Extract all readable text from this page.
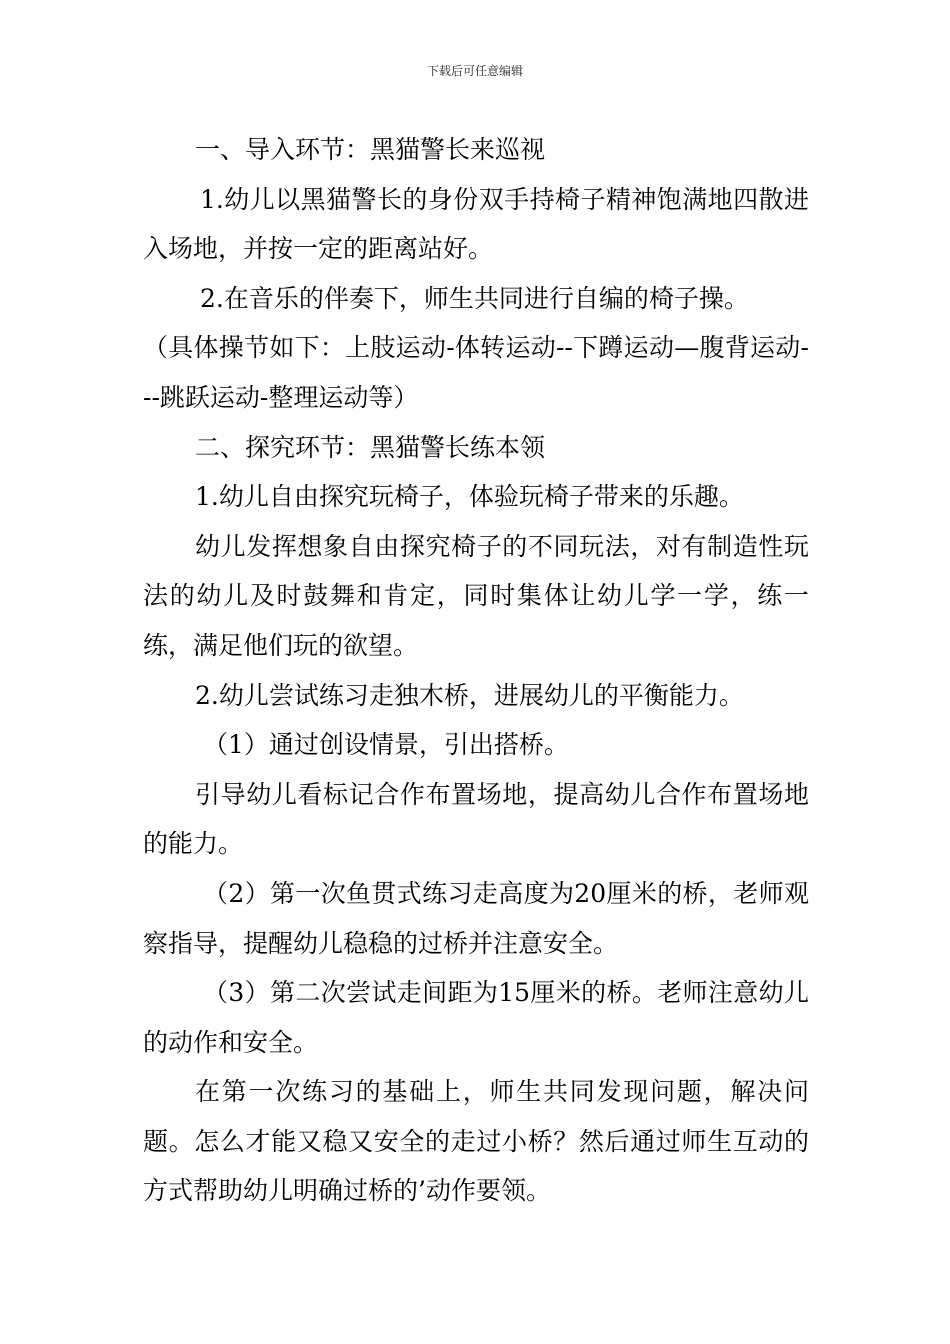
下载后可任意编辑

一、导入环节：黑猫警长来巡视

1.幼儿以黑猫警长的身份双手持椅子精神饱满地四散进入场地，并按一定的距离站好。

2.在音乐的伴奏下，师生共同进行自编的椅子操。

（具体操节如下：上肢运动-体转运动--下蹲运动—腹背运动---跳跃运动-整理运动等）

二、探究环节：黑猫警长练本领

1.幼儿自由探究玩椅子，体验玩椅子带来的乐趣。

幼儿发挥想象自由探究椅子的不同玩法，对有制造性玩法的幼儿及时鼓舞和肯定，同时集体让幼儿学一学，练一练，满足他们玩的欲望。

2.幼儿尝试练习走独木桥，进展幼儿的平衡能力。

（1）通过创设情景，引出搭桥。

引导幼儿看标记合作布置场地，提高幼儿合作布置场地的能力。

（2）第一次鱼贯式练习走高度为20厘米的桥，老师观察指导，提醒幼儿稳稳的过桥并注意安全。

（3）第二次尝试走间距为15厘米的桥。老师注意幼儿的动作和安全。

在第一次练习的基础上，师生共同发现问题，解决问题。怎么才能又稳又安全的走过小桥？然后通过师生互动的方式帮助幼儿明确过桥的’动作要领。
